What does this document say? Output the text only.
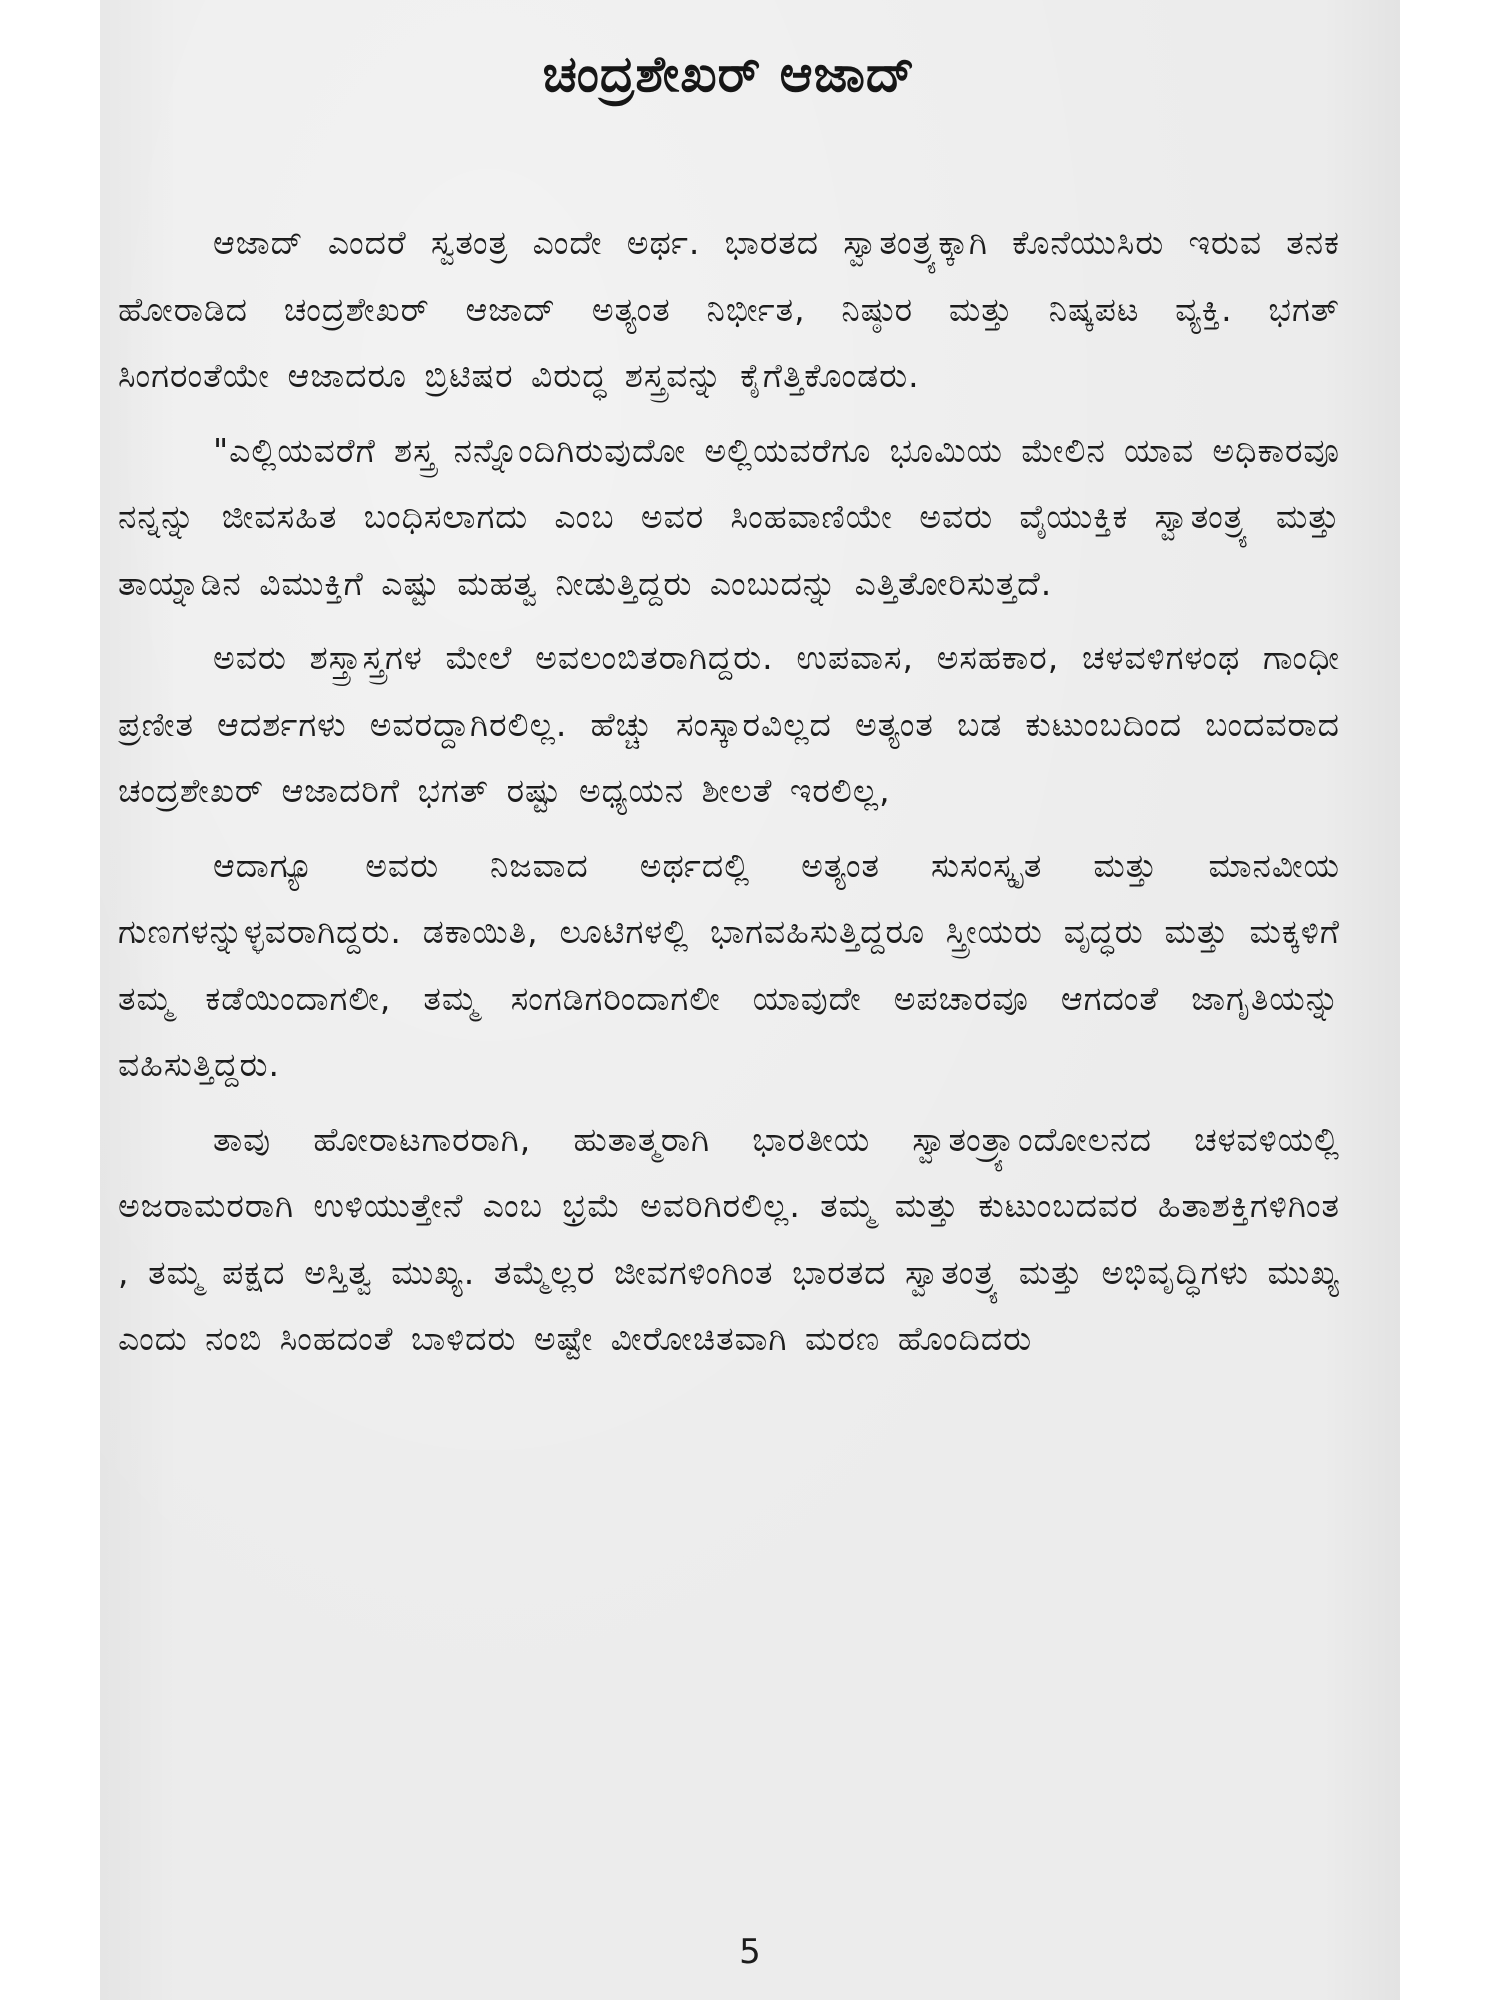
ಚಂದ್ರಶೇಖರ್ ಆಜಾದ್

ಆಜಾದ್ ಎಂದರೆ ಸ್ವತಂತ್ರ ಎಂದೇ ಅರ್ಥ. ಭಾರತದ ಸ್ವಾತಂತ್ರ್ಯಕ್ಕಾಗಿ ಕೊನೆಯುಸಿರು ಇರುವ ತನಕ ಹೋರಾಡಿದ ಚಂದ್ರಶೇಖರ್ ಆಜಾದ್ ಅತ್ಯಂತ ನಿರ್ಭೀತ, ನಿಷ್ಠುರ ಮತ್ತು ನಿಷ್ಕಪಟ ವ್ಯಕ್ತಿ. ಭಗತ್ ಸಿಂಗರಂತೆಯೇ ಆಜಾದರೂ ಬ್ರಿಟಿಷರ ವಿರುದ್ಧ ಶಸ್ತ್ರವನ್ನು ಕೈಗೆತ್ತಿಕೊಂಡರು.

"ಎಲ್ಲಿಯವರೆಗೆ ಶಸ್ತ್ರ ನನ್ನೊಂದಿಗಿರುವುದೋ ಅಲ್ಲಿಯವರೆಗೂ ಭೂಮಿಯ ಮೇಲಿನ ಯಾವ ಅಧಿಕಾರವೂ ನನ್ನನ್ನು ಜೀವಸಹಿತ ಬಂಧಿಸಲಾಗದು ಎಂಬ ಅವರ ಸಿಂಹವಾಣಿಯೇ ಅವರು ವೈಯುಕ್ತಿಕ ಸ್ವಾತಂತ್ರ್ಯ ಮತ್ತು ತಾಯ್ನಾಡಿನ ವಿಮುಕ್ತಿಗೆ ಎಷ್ಟು ಮಹತ್ವ ನೀಡುತ್ತಿದ್ದರು ಎಂಬುದನ್ನು ಎತ್ತಿತೋರಿಸುತ್ತದೆ.

ಅವರು ಶಸ್ತ್ರಾಸ್ತ್ರಗಳ ಮೇಲೆ ಅವಲಂಬಿತರಾಗಿದ್ದರು. ಉಪವಾಸ, ಅಸಹಕಾರ, ಚಳವಳಿಗಳಂಥ ಗಾಂಧೀ ಪ್ರಣೀತ ಆದರ್ಶಗಳು ಅವರದ್ದಾಗಿರಲಿಲ್ಲ. ಹೆಚ್ಚು ಸಂಸ್ಕಾರವಿಲ್ಲದ ಅತ್ಯಂತ ಬಡ ಕುಟುಂಬದಿಂದ ಬಂದವರಾದ ಚಂದ್ರಶೇಖರ್ ಆಜಾದರಿಗೆ ಭಗತ್ ರಷ್ಟು ಅಧ್ಯಯನ ಶೀಲತೆ ಇರಲಿಲ್ಲ,

ಆದಾಗ್ಯೂ ಅವರು ನಿಜವಾದ ಅರ್ಥದಲ್ಲಿ ಅತ್ಯಂತ ಸುಸಂಸ್ಕೃತ ಮತ್ತು ಮಾನವೀಯ ಗುಣಗಳನ್ನುಳ್ಳವರಾಗಿದ್ದರು. ಡಕಾಯಿತಿ, ಲೂಟಿಗಳಲ್ಲಿ ಭಾಗವಹಿಸುತ್ತಿದ್ದರೂ ಸ್ತ್ರೀಯರು ವೃದ್ಧರು ಮತ್ತು ಮಕ್ಕಳಿಗೆ ತಮ್ಮ ಕಡೆಯಿಂದಾಗಲೀ, ತಮ್ಮ ಸಂಗಡಿಗರಿಂದಾಗಲೀ ಯಾವುದೇ ಅಪಚಾರವೂ ಆಗದಂತೆ ಜಾಗೃತಿಯನ್ನು ವಹಿಸುತ್ತಿದ್ದರು.

ತಾವು ಹೋರಾಟಗಾರರಾಗಿ, ಹುತಾತ್ಮರಾಗಿ ಭಾರತೀಯ ಸ್ವಾತಂತ್ರ್ಯಾಂದೋಲನದ ಚಳವಳಿಯಲ್ಲಿ ಅಜರಾಮರರಾಗಿ ಉಳಿಯುತ್ತೇನೆ ಎಂಬ ಭ್ರಮೆ ಅವರಿಗಿರಲಿಲ್ಲ. ತಮ್ಮ ಮತ್ತು ಕುಟುಂಬದವರ ಹಿತಾಶಕ್ತಿಗಳಿಗಿಂತ , ತಮ್ಮ ಪಕ್ಷದ ಅಸ್ತಿತ್ವ ಮುಖ್ಯ. ತಮ್ಮೆಲ್ಲರ ಜೀವಗಳಿಂಗಿಂತ ಭಾರತದ ಸ್ವಾತಂತ್ರ್ಯ ಮತ್ತು ಅಭಿವೃದ್ಧಿಗಳು ಮುಖ್ಯ ಎಂದು ನಂಬಿ ಸಿಂಹದಂತೆ ಬಾಳಿದರು ಅಷ್ಟೇ ವೀರೋಚಿತವಾಗಿ ಮರಣ ಹೊಂದಿದರು

5
